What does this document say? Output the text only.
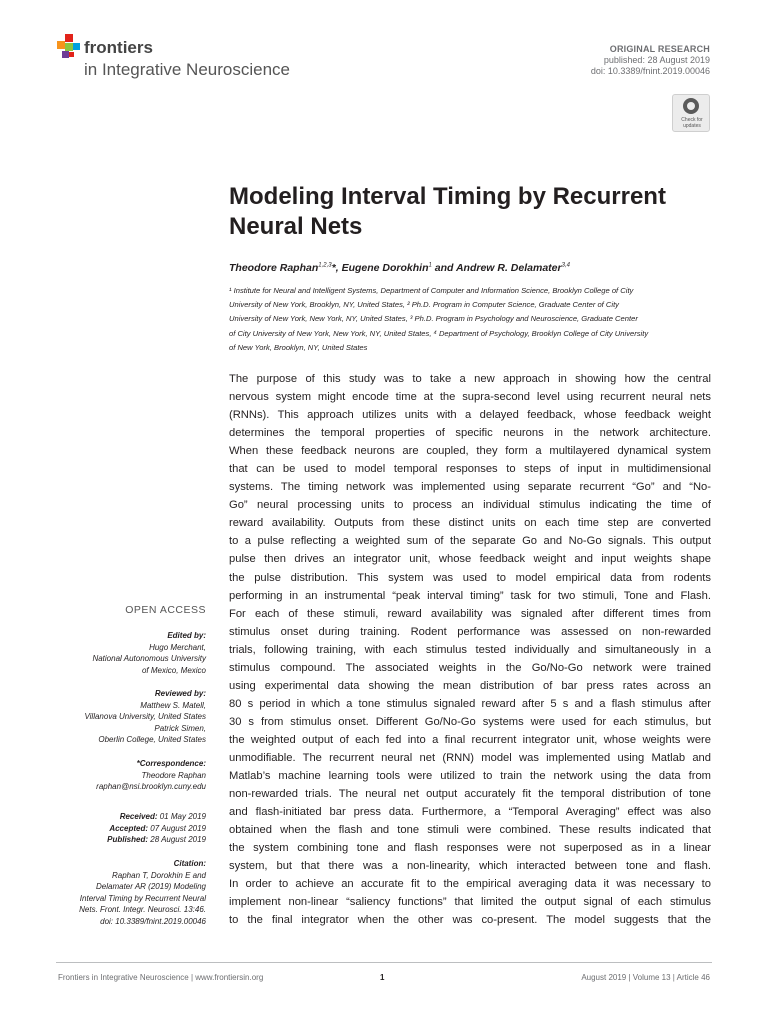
frontiers
in Integrative Neuroscience
ORIGINAL RESEARCH
published: 28 August 2019
doi: 10.3389/fnint.2019.00046
Check for updates
Modeling Interval Timing by Recurrent Neural Nets
Theodore Raphan$^{1,2,3}$*, Eugene Dorokhin$^1$ and Andrew R. Delamater$^{3,4}$
¹ Institute for Neural and Intelligent Systems, Department of Computer and Information Science, Brooklyn College of City
University of New York, Brooklyn, NY, United States, ² Ph.D. Program in Computer Science, Graduate Center of City
University of New York, New York, NY, United States, ³ Ph.D. Program in Psychology and Neuroscience, Graduate Center
of City University of New York, New York, NY, United States, ⁴ Department of Psychology, Brooklyn College of City University
of New York, Brooklyn, NY, United States
The purpose of this study was to take a new approach in showing how the central
nervous system might encode time at the supra-second level using recurrent neural nets
(RNNs). This approach utilizes units with a delayed feedback, whose feedback weight
determines the temporal properties of specific neurons in the network architecture.
When these feedback neurons are coupled, they form a multilayered dynamical system
that can be used to model temporal responses to steps of input in multidimensional
systems. The timing network was implemented using separate recurrent “Go” and “No-
Go” neural processing units to process an individual stimulus indicating the time of
reward availability. Outputs from these distinct units on each time step are converted
to a pulse reflecting a weighted sum of the separate Go and No-Go signals. This output
pulse then drives an integrator unit, whose feedback weight and input weights shape
the pulse distribution. This system was used to model empirical data from rodents
performing in an instrumental “peak interval timing” task for two stimuli, Tone and Flash.
For each of these stimuli, reward availability was signaled after different times from
stimulus onset during training. Rodent performance was assessed on non-rewarded
trials, following training, with each stimulus tested individually and simultaneously in a
stimulus compound. The associated weights in the Go/No-Go network were trained
using experimental data showing the mean distribution of bar press rates across an
80 s period in which a tone stimulus signaled reward after 5 s and a flash stimulus after
30 s from stimulus onset. Different Go/No-Go systems were used for each stimulus, but
the weighted output of each fed into a final recurrent integrator unit, whose weights were
unmodifiable. The recurrent neural net (RNN) model was implemented using Matlab and
Matlab’s machine learning tools were utilized to train the network using the data from
non-rewarded trials. The neural net output accurately fit the temporal distribution of tone
and flash-initiated bar press data. Furthermore, a “Temporal Averaging” effect was also
obtained when the flash and tone stimuli were combined. These results indicated that
the system combining tone and flash responses were not superposed as in a linear
system, but that there was a non-linearity, which interacted between tone and flash.
In order to achieve an accurate fit to the empirical averaging data it was necessary to
implement non-linear “saliency functions” that limited the output signal of each stimulus
to the final integrator when the other was co-present. The model suggests that the
OPEN ACCESS
Edited by:
Hugo Merchant,
National Autonomous University
of Mexico, Mexico
Reviewed by:
Matthew S. Matell,
Villanova University, United States
Patrick Simen,
Oberlin College, United States
*Correspondence:
Theodore Raphan
raphan@nsi.brooklyn.cuny.edu
Received: 01 May 2019
Accepted: 07 August 2019
Published: 28 August 2019
Citation:
Raphan T, Dorokhin E and
Delamater AR (2019) Modeling
Interval Timing by Recurrent Neural
Nets. Front. Integr. Neurosci. 13:46.
doi: 10.3389/fnint.2019.00046
Frontiers in Integrative Neuroscience | www.frontiersin.org	1	August 2019 | Volume 13 | Article 46
